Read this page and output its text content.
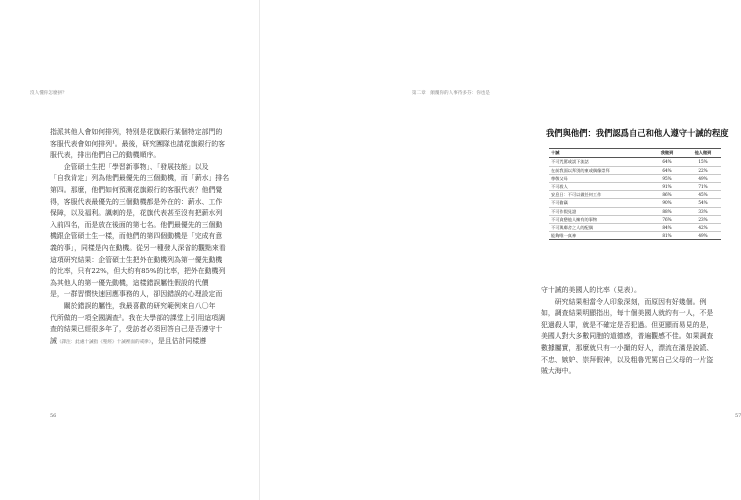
沒人懂你怎麼拼？
指派其他人會如何排列，特別是花旗銀行某個特定部門的
客服代表會如何排列¹。最後，研究團隊也請花旗銀行的客
服代表，排出他們自己的動機順序。
　　企管碩士生把「學習新事物」、「發展技能」以及
「自我肯定」列為他們最優先的三個動機，而「薪水」排名
第四。那麼，他們如何預測花旗銀行的客服代表？他們覺
得，客服代表最優先的三個動機都是外在的：薪水、工作
保障，以及福利。諷刺的是，花旗代表甚至沒有把薪水列
入前四名，而是放在後面的第七名。他們最優先的三個動
機跟企管碩士生一樣，而他們的第四個動機是「完成有意
義的事」，同樣是內在動機。從另一種發人深省的觀點來看
這項研究結果：企管碩士生把外在動機列為第一優先動機
的比率，只有22%，但大約有85%的比率，把外在動機列
為其他人的第一優先動機，這樣錯誤屬性假設的代價
是，一群習慣快速回應事務的人，卻因錯誤的心理設定而
　　關於錯誤的屬性，我最喜歡的研究範例來自八〇年
代所做的一項全國調查²。我在大學部的課堂上引用這項調
查的結果已經很多年了，受訪者必須回答自己是否遵守十
誡（譯注：此處十誡指《聖經》十誡裡面的戒律），是且估計同樣遵
56
第二章　顛覆你的人事待多芬：你也是
我們與他們：我們認爲自己和他人遵守十誡的程度
十誡	我做到	他人做到
不可咒罵或誤下流話	64%	15%
在前我面以拜別的東或偶像崇拜	64%	22%
尊敬父母	95%	49%
不可殺人	91%	71%
安息日：不可以做任何工作	86%	45%
不可偷竊	90%	54%
不可作假見證	88%	33%
不可貪戀他人擁有的事物	76%	23%
不可與鄰舍之人的配偶	84%	42%
能夠唯一真神	81%	49%
守十誡的美國人的比率（見表）。
　　研究結果相當令人印象深刻，而原因有好幾個。例
如，調查結果明顯指出，每十個美國人就約有一人，不是
犯過殺人罪，就是不確定是否犯過。但更顯而易見的是，
美國人對大多數同胞的道德感，普遍觀感不佳。如果調查
數據屬實，那麼就只有一小撮的好人，漂流在滿是說謊、
不忠、嫉妒、崇拜假神，以及粗魯咒罵自己父母的一片盜
賊大海中。
57
